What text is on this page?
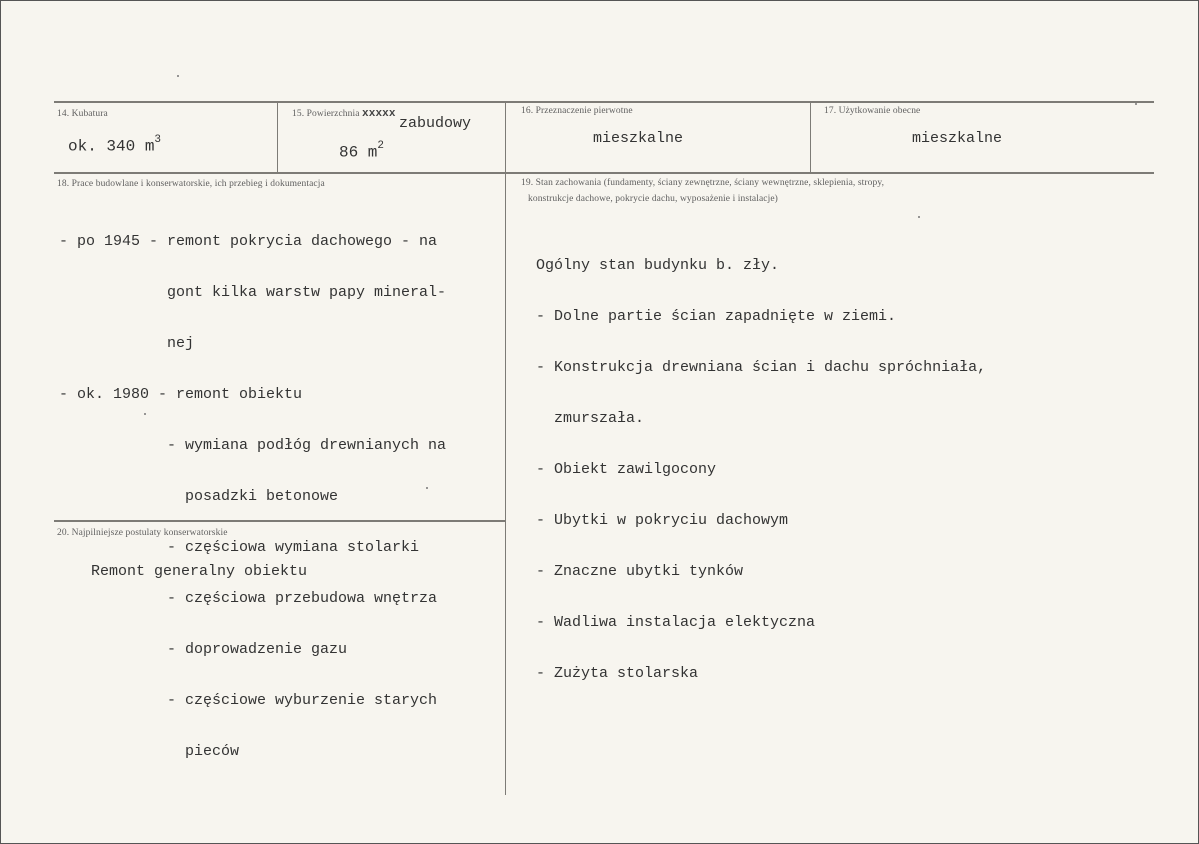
14. Kubatura
ok. 340 $m^3$
15. Powierzchnia xxxxx
zabudowy
86 $m^2$
16. Przeznaczenie pierwotne
mieszkalne
17. Użytkowanie obecne
mieszkalne
18. Prace budowlane i konserwatorskie, ich przebieg i dokumentacja

- po 1945 - remont pokrycia dachowego - na

gont kilka warstw papy mineral-

nej

- ok. 1980 - remont obiektu

- wymiana podłóg drewnianych na

posadzki betonowe

- częściowa wymiana stolarki

- częściowa przebudowa wnętrza

- doprowadzenie gazu

- częściowe wyburzenie starych

pieców

19. Stan zachowania (fundamenty, ściany zewnętrzne, ściany wewnętrzne, sklepienia, stropy,
konstrukcje dachowe, pokrycie dachu, wyposażenie i instalacje)

Ogólny stan budynku b. zły.

- Dolne partie ścian zapadnięte w ziemi.

- Konstrukcja drewniana ścian i dachu spróchniała,

zmurszała.

- Obiekt zawilgocony

- Ubytki w pokryciu dachowym

- Znaczne ubytki tynków

- Wadliwa instalacja elektyczna

- Zużyta stolarska

20. Najpilniejsze postulaty konserwatorskie
Remont generalny obiektu
